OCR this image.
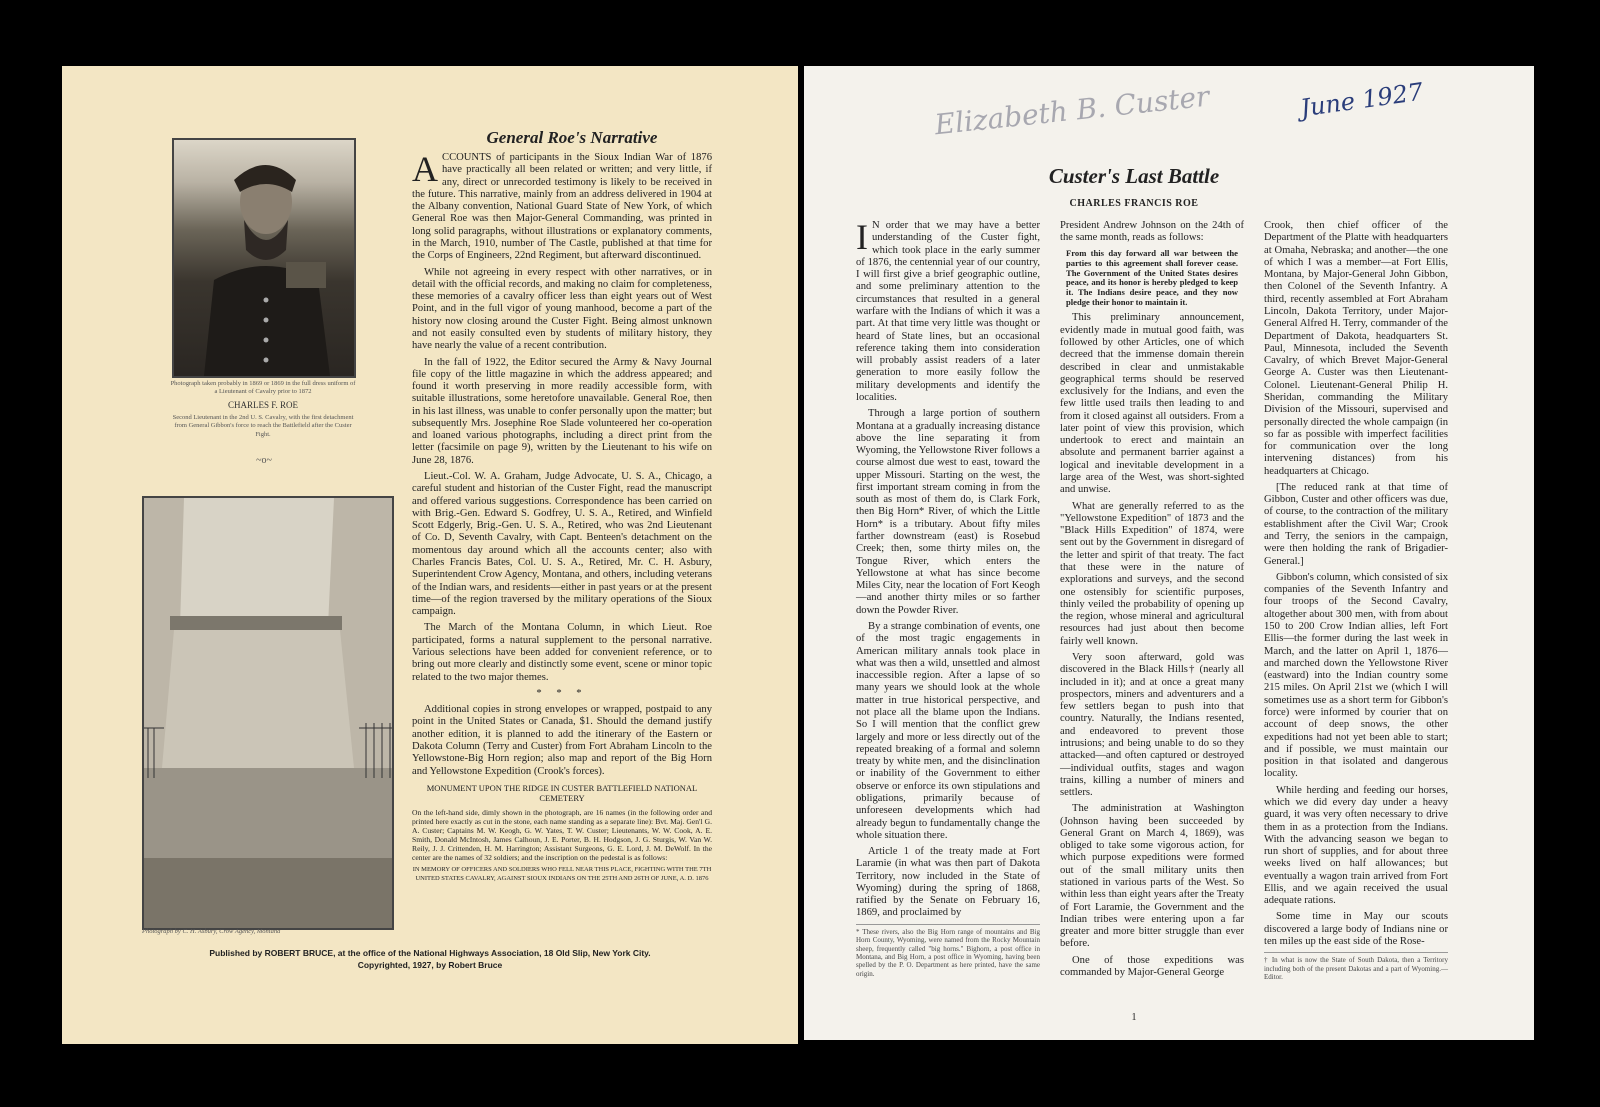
Photograph taken probably in 1869 or 1869 in the full dress uniform of a Lieutenant of Cavalry prior to 1872
CHARLES F. ROE
Second Lieutenant in the 2nd U. S. Cavalry, with the first detachment from General Gibbon's force to reach the Battlefield after the Custer Fight.
~o~
Photograph by C. H. Asbury, Crow Agency, Montana
General Roe's Narrative

ACCOUNTS of participants in the Sioux Indian War of 1876 have practically all been related or written; and very little, if any, direct or unrecorded testimony is likely to be received in the future. This narrative, mainly from an address delivered in 1904 at the Albany convention, National Guard State of New York, of which General Roe was then Major-General Commanding, was printed in long solid paragraphs, without illustrations or explanatory comments, in the March, 1910, number of The Castle, published at that time for the Corps of Engineers, 22nd Regiment, but afterward discontinued.

While not agreeing in every respect with other narratives, or in detail with the official records, and making no claim for completeness, these memories of a cavalry officer less than eight years out of West Point, and in the full vigor of young manhood, become a part of the history now closing around the Custer Fight. Being almost unknown and not easily consulted even by students of military history, they have nearly the value of a recent contribution.

In the fall of 1922, the Editor secured the Army & Navy Journal file copy of the little magazine in which the address appeared; and found it worth preserving in more readily accessible form, with suitable illustrations, some heretofore unavailable. General Roe, then in his last illness, was unable to confer personally upon the matter; but subsequently Mrs. Josephine Roe Slade volunteered her co-operation and loaned various photographs, including a direct print from the letter (facsimile on page 9), written by the Lieutenant to his wife on June 28, 1876.

Lieut.-Col. W. A. Graham, Judge Advocate, U. S. A., Chicago, a careful student and historian of the Custer Fight, read the manuscript and offered various suggestions. Correspondence has been carried on with Brig.-Gen. Edward S. Godfrey, U. S. A., Retired, and Winfield Scott Edgerly, Brig.-Gen. U. S. A., Retired, who was 2nd Lieutenant of Co. D, Seventh Cavalry, with Capt. Benteen's detachment on the momentous day around which all the accounts center; also with Charles Francis Bates, Col. U. S. A., Retired, Mr. C. H. Asbury, Superintendent Crow Agency, Montana, and others, including veterans of the Indian wars, and residents—either in past years or at the present time—of the region traversed by the military operations of the Sioux campaign.

The March of the Montana Column, in which Lieut. Roe participated, forms a natural supplement to the personal narrative. Various selections have been added for convenient reference, or to bring out more clearly and distinctly some event, scene or minor topic related to the two major themes.

* * *

Additional copies in strong envelopes or wrapped, postpaid to any point in the United States or Canada, $1. Should the demand justify another edition, it is planned to add the itinerary of the Eastern or Dakota Column (Terry and Custer) from Fort Abraham Lincoln to the Yellowstone-Big Horn region; also map and report of the Big Horn and Yellowstone Expedition (Crook's forces).

MONUMENT UPON THE RIDGE IN CUSTER BATTLEFIELD NATIONAL CEMETERY

On the left-hand side, dimly shown in the photograph, are 16 names (in the following order and printed here exactly as cut in the stone, each name standing as a separate line): Bvt. Maj. Gen'l G. A. Custer; Captains M. W. Keogh, G. W. Yates, T. W. Custer; Lieutenants, W. W. Cook, A. E. Smith, Donald McIntosh, James Calhoun, J. E. Porter, B. H. Hodgson, J. G. Sturgis, W. Van W. Reily, J. J. Crittenden, H. M. Harrington; Assistant Surgeons, G. E. Lord, J. M. DeWolf. In the center are the names of 32 soldiers; and the inscription on the pedestal is as follows:

IN MEMORY OF OFFICERS AND SOLDIERS WHO FELL NEAR THIS PLACE, FIGHTING WITH THE 7TH UNITED STATES CAVALRY, AGAINST SIOUX INDIANS ON THE 25TH AND 26TH OF JUNE, A. D. 1876
Published by ROBERT BRUCE, at the office of the National Highways Association, 18 Old Slip, New York City.
Copyrighted, 1927, by Robert Bruce
Elizabeth B. Custer	June 1927
Custer's Last Battle
CHARLES FRANCIS ROE

I N order that we may have a better understanding of the Custer fight, which took place in the early summer of 1876, the centennial year of our country, I will first give a brief geographic outline, and some preliminary attention to the circumstances that resulted in a general warfare with the Indians of which it was a part. At that time very little was thought or heard of State lines, but an occasional reference taking them into consideration will probably assist readers of a later generation to more easily follow the military developments and identify the localities.

Through a large portion of southern Montana at a gradually increasing distance above the line separating it from Wyoming, the Yellowstone River follows a course almost due west to east, toward the upper Missouri. Starting on the west, the first important stream coming in from the south as most of them do, is Clark Fork, then Big Horn* River, of which the Little Horn* is a tributary. About fifty miles farther downstream (east) is Rosebud Creek; then, some thirty miles on, the Tongue River, which enters the Yellowstone at what has since become Miles City, near the location of Fort Keogh—and another thirty miles or so farther down the Powder River.

By a strange combination of events, one of the most tragic engagements in American military annals took place in what was then a wild, unsettled and almost inaccessible region. After a lapse of so many years we should look at the whole matter in true historical perspective, and not place all the blame upon the Indians. So I will mention that the conflict grew largely and more or less directly out of the repeated breaking of a formal and solemn treaty by white men, and the disinclination or inability of the Government to either observe or enforce its own stipulations and obligations, primarily because of unforeseen developments which had already begun to fundamentally change the whole situation there.

Article 1 of the treaty made at Fort Laramie (in what was then part of Dakota Territory, now included in the State of Wyoming) during the spring of 1868, ratified by the Senate on February 16, 1869, and proclaimed by

* These rivers, also the Big Horn range of mountains and Big Horn County, Wyoming, were named from the Rocky Mountain sheep, frequently called "big horns." Bighorn, a post office in Montana, and Big Horn, a post office in Wyoming, having been spelled by the P. O. Department as here printed, have the same origin.

President Andrew Johnson on the 24th of the same month, reads as follows:

From this day forward all war between the parties to this agreement shall forever cease. The Government of the United States desires peace, and its honor is hereby pledged to keep it. The Indians desire peace, and they now pledge their honor to maintain it.

This preliminary announcement, evidently made in mutual good faith, was followed by other Articles, one of which decreed that the immense domain therein described in clear and unmistakable geographical terms should be reserved exclusively for the Indians, and even the few little used trails then leading to and from it closed against all outsiders. From a later point of view this provision, which undertook to erect and maintain an absolute and permanent barrier against a logical and inevitable development in a large area of the West, was short-sighted and unwise.

What are generally referred to as the "Yellowstone Expedition" of 1873 and the "Black Hills Expedition" of 1874, were sent out by the Government in disregard of the letter and spirit of that treaty. The fact that these were in the nature of explorations and surveys, and the second one ostensibly for scientific purposes, thinly veiled the probability of opening up the region, whose mineral and agricultural resources had just about then become fairly well known.

Very soon afterward, gold was discovered in the Black Hills† (nearly all included in it); and at once a great many prospectors, miners and adventurers and a few settlers began to push into that country. Naturally, the Indians resented, and endeavored to prevent those intrusions; and being unable to do so they attacked—and often captured or destroyed—individual outfits, stages and wagon trains, killing a number of miners and settlers.

The administration at Washington (Johnson having been succeeded by General Grant on March 4, 1869), was obliged to take some vigorous action, for which purpose expeditions were formed out of the small military units then stationed in various parts of the West. So within less than eight years after the Treaty of Fort Laramie, the Government and the Indian tribes were entering upon a far greater and more bitter struggle than ever before.

One of those expeditions was commanded by Major-General George

1

Crook, then chief officer of the Department of the Platte with headquarters at Omaha, Nebraska; and another—the one of which I was a member—at Fort Ellis, Montana, by Major-General John Gibbon, then Colonel of the Seventh Infantry. A third, recently assembled at Fort Abraham Lincoln, Dakota Territory, under Major-General Alfred H. Terry, commander of the Department of Dakota, headquarters St. Paul, Minnesota, included the Seventh Cavalry, of which Brevet Major-General George A. Custer was then Lieutenant-Colonel. Lieutenant-General Philip H. Sheridan, commanding the Military Division of the Missouri, supervised and personally directed the whole campaign (in so far as possible with imperfect facilities for communication over the long intervening distances) from his headquarters at Chicago.

[The reduced rank at that time of Gibbon, Custer and other officers was due, of course, to the contraction of the military establishment after the Civil War; Crook and Terry, the seniors in the campaign, were then holding the rank of Brigadier-General.]

Gibbon's column, which consisted of six companies of the Seventh Infantry and four troops of the Second Cavalry, altogether about 300 men, with from about 150 to 200 Crow Indian allies, left Fort Ellis—the former during the last week in March, and the latter on April 1, 1876—and marched down the Yellowstone River (eastward) into the Indian country some 215 miles. On April 21st we (which I will sometimes use as a short term for Gibbon's force) were informed by courier that on account of deep snows, the other expeditions had not yet been able to start; and if possible, we must maintain our position in that isolated and dangerous locality.

While herding and feeding our horses, which we did every day under a heavy guard, it was very often necessary to drive them in as a protection from the Indians. With the advancing season we began to run short of supplies, and for about three weeks lived on half allowances; but eventually a wagon train arrived from Fort Ellis, and we again received the usual adequate rations.

Some time in May our scouts discovered a large body of Indians nine or ten miles up the east side of the Rose-

† In what is now the State of South Dakota, then a Territory including both of the present Dakotas and a part of Wyoming.—Editor.
